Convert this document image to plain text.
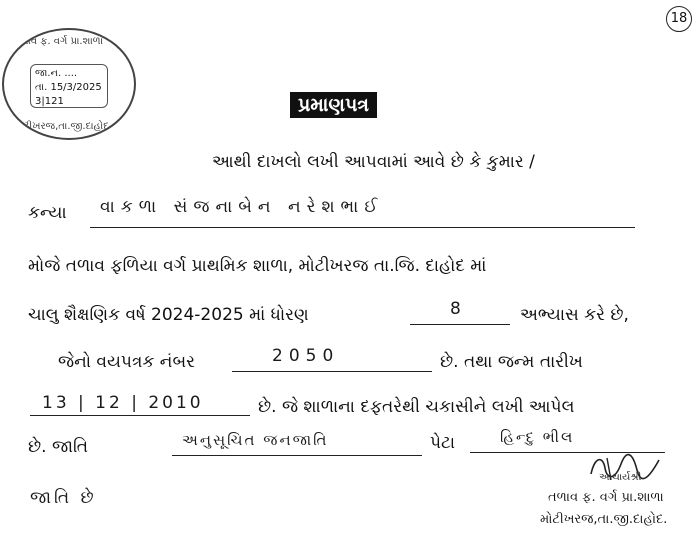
18
તળાવ ફ. વર્ગ પ્રા.શાળા
જા.ન. ....
તા. 15/3/2025
3|121
મોટીખરજ,તા.જી.દાહોદ.
પ્રમાણપત્ર
આથી દાખલો લખી આપવામાં આવે છે કે કુમાર /
કન્યા વાકળા સંજનાબેન નરેશભાઈ
મોજે તળાવ ફળિયા વર્ગ પ્રાથમિક શાળા, મોટીખરજ તા.જિ. દાહોદ માં
ચાલુ શૈક્ષણિક વર્ષ 2024-2025 માં ધોરણ	8	અભ્યાસ કરે છે,
જેનો વયપત્રક નંબર	2050	છે. તથા જન્મ તારીખ
13 | 12 | 2010	છે. જે શાળાના દફતરેથી ચકાસીને લખી આપેલ
છે. જાતિ	અનુસૂચિત જનજાતિ	પેટા	હિન્દુ ભીલ
જાતિ છે
આચાર્યશ્રી
તળાવ ફ. વર્ગ પ્રા.શાળા
મોટીખરજ,તા.જી.દાહોદ.
